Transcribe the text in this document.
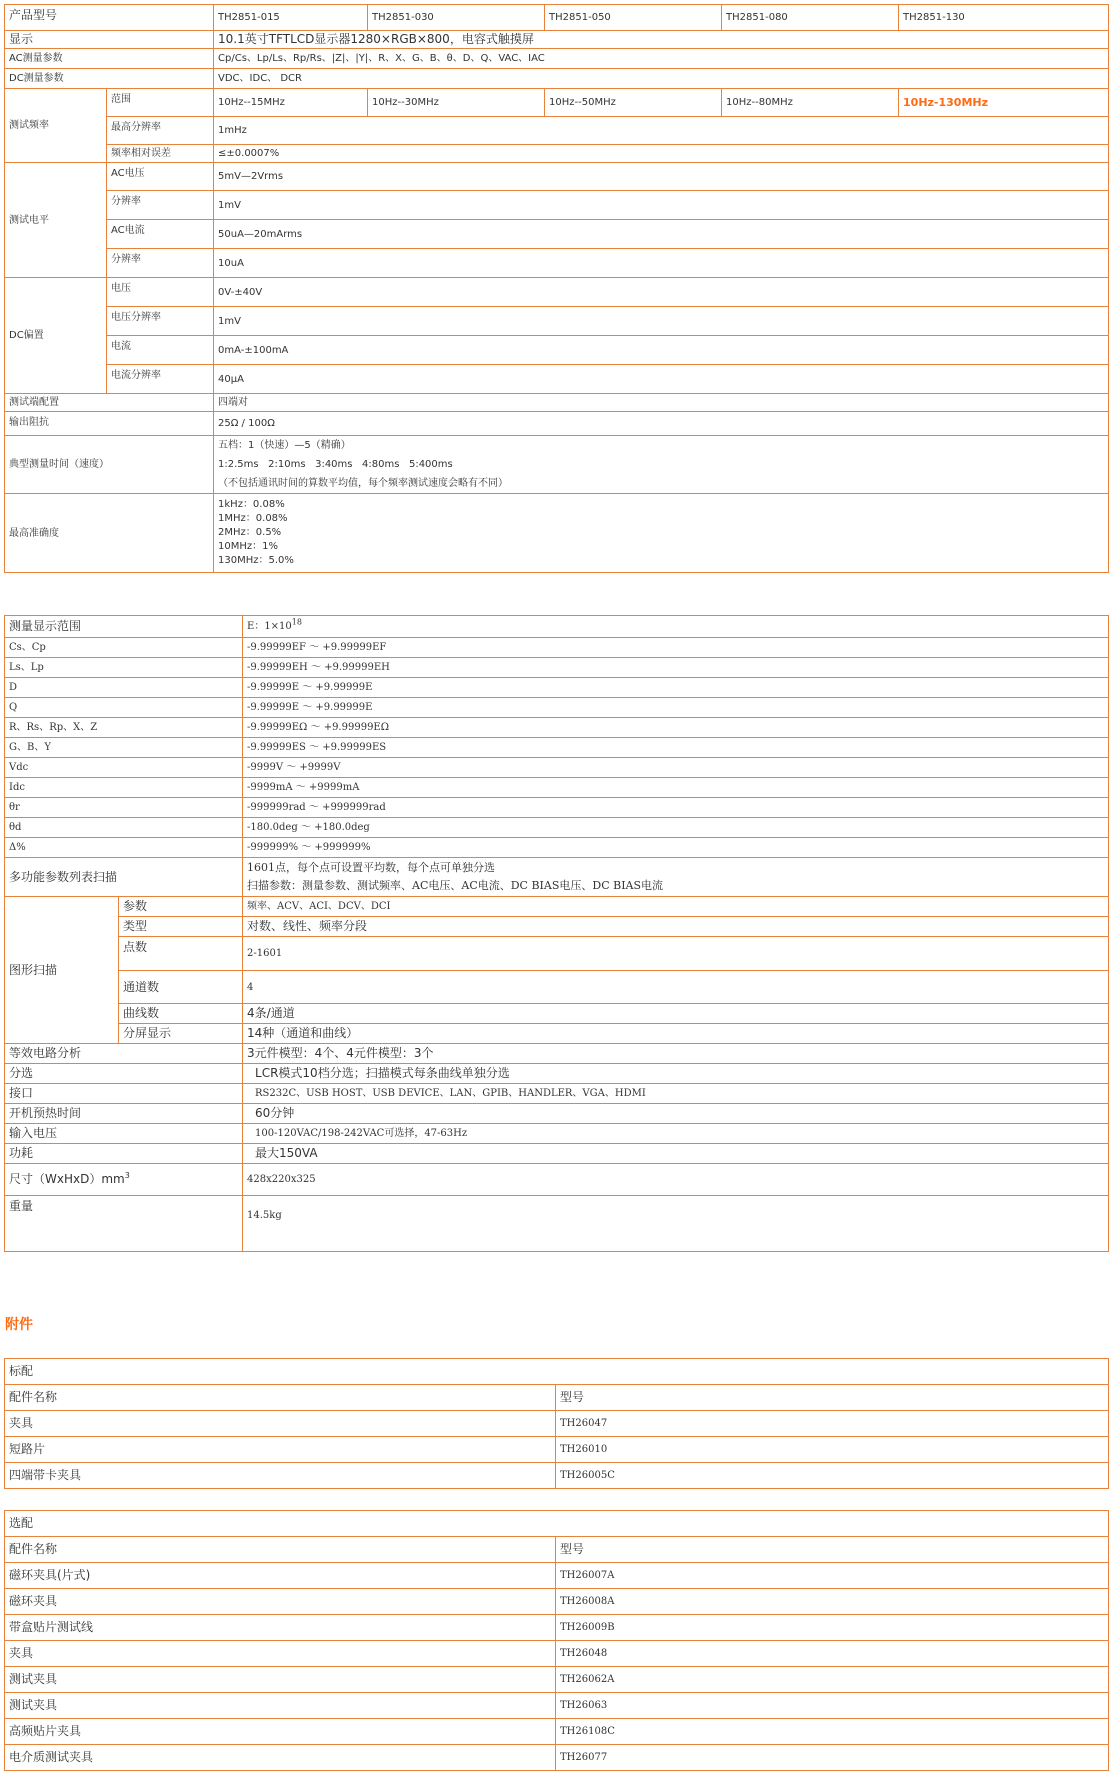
产品型号		TH2851-015	TH2851-030	TH2851-050	TH2851-080	TH2851-130
显示		10.1英寸TFTLCD显示器1280×RGB×800，电容式触摸屏				
AC测量参数		Cp/Cs、Lp/Ls、Rp/Rs、|Z|、|Y|、R、X、G、B、θ、D、Q、VAC、IAC				
DC测量参数		VDC、IDC、 DCR				
测试频率	范围	10Hz--15MHz	10Hz--30MHz	10Hz--50MHz	10Hz--80MHz	10Hz-130MHz
	最高分辨率	1mHz				
	频率相对误差	≤±0.0007%				
测试电平	AC电压	5mV—2Vrms				
	分辨率	1mV				
	AC电流	50uA—20mArms				
	分辨率	10uA				
DC偏置	电压	0V-±40V				
	电压分辨率	1mV				
	电流	0mA-±100mA				
	电流分辨率	40μA				
测试端配置		四端对				
输出阻抗		25Ω / 100Ω				
典型测量时间（速度）		五档：1（快速）—5（精确）
1:2.5ms   2:10ms   3:40ms   4:80ms   5:400ms
（不包括通讯时间的算数平均值，每个频率测试速度会略有不同）				

最高准确度		1kHz：0.08%
1MHz：0.08%
2MHz：0.5%
10MHz：1%
130MHz：5.0%				
测量显示范围		E：$1\times 10^{18}$
Cs、Cp		-9.99999EF ～ +9.99999EF
Ls、Lp		-9.99999EH ～ +9.99999EH
D		-9.99999E ～ +9.99999E
Q		-9.99999E ～ +9.99999E
R、Rs、Rp、X、Z		-9.99999EΩ ～ +9.99999EΩ
G、B、Y		-9.99999ES ～ +9.99999ES
Vdc		-9999V ～ +9999V
Idc		-9999mA ～ +9999mA
θr		-999999rad ～ +999999rad
θd		-180.0deg ～ +180.0deg
Δ%		-999999% ～ +999999%
多功能参数列表扫描		1601点，每个点可设置平均数，每个点可单独分选
扫描参数：测量参数、测试频率、AC电压、AC电流、DC BIAS电压、DC BIAS电流

图形扫描	参数	频率、ACV、ACI、DCV、DCI
	类型	对数、线性、频率分段
	点数	2-1601
	通道数	4
	曲线数	4条/通道
	分屏显示	14种（通道和曲线）
等效电路分析		3元件模型：4个、4元件模型：3个
分选		LCR模式10档分选；扫描模式每条曲线单独分选
接口		RS232C、USB HOST、USB DEVICE、LAN、GPIB、HANDLER、VGA、HDMI
开机预热时间		60分钟
输入电压		100-120VAC/198-242VAC可选择，47-63Hz
功耗		最大150VA
尺寸$(WxHxD)mm^3$		428x220x325
重量		14.5kg
附件
标配	
配件名称	型号
夹具	TH26047
短路片	TH26010
四端带卡夹具	TH26005C
选配	
配件名称	型号
磁环夹具(片式)	TH26007A
磁环夹具	TH26008A
带盒贴片测试线	TH26009B
夹具	TH26048
测试夹具	TH26062A
测试夹具	TH26063
高频贴片夹具	TH26108C
电介质测试夹具	TH26077
